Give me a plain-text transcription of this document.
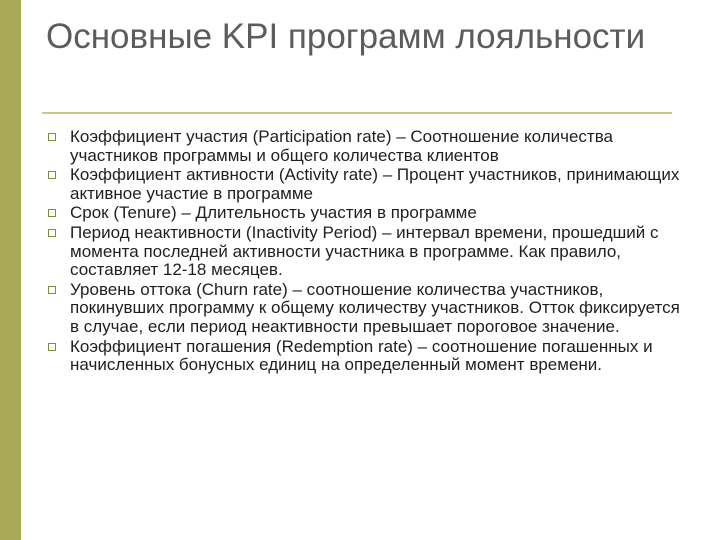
Основные KPI программ лояльности
Коэффициент участия (Participation rate) – Соотношение количества участников программы и общего количества клиентов
Коэффициент активности (Activity rate) – Процент участников, принимающих активное участие в программе
Срок (Tenure) – Длительность участия в программе
Период неактивности (Inactivity Period) – интервал времени, прошедший с момента последней активности участника в программе. Как правило, составляет 12-18 месяцев.
Уровень оттока (Churn rate) – соотношение количества участников, покинувших программу к общему количеству участников. Отток фиксируется в случае, если период неактивности превышает пороговое значение.
Коэффициент погашения (Redemption rate) – соотношение погашенных и начисленных бонусных единиц на определенный момент времени.
